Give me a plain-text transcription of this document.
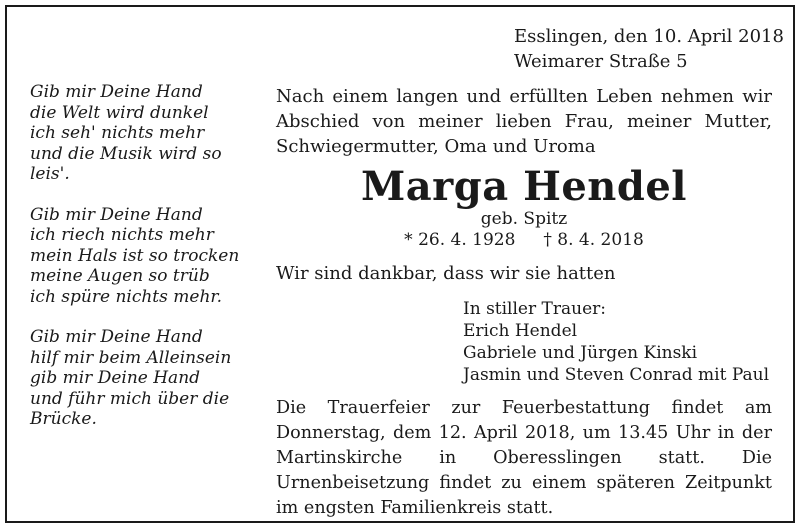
Esslingen, den 10. April 2018
Weimarer Straße 5
Gib mir Deine Hand
die Welt wird dunkel
ich seh' nichts mehr
und die Musik wird so
leis'.
Gib mir Deine Hand
ich riech nichts mehr
mein Hals ist so trocken
meine Augen so trüb
ich spüre nichts mehr.
Gib mir Deine Hand
hilf mir beim Alleinsein
gib mir Deine Hand
und führ mich über die
Brücke.

Nach einem langen und erfüllten Leben nehmen wir Abschied von meiner lieben Frau, meiner Mutter, Schwiegermutter, Oma und Uroma

Marga Hendel
geb. Spitz
* 26. 4. 1928 † 8. 4. 2018
Wir sind dankbar, dass wir sie hatten
In stiller Trauer:
Erich Hendel
Gabriele und Jürgen Kinski
Jasmin und Steven Conrad mit Paul
Die Trauerfeier zur Feuerbestattung findet am Donnerstag, dem 12. April 2018, um 13.45 Uhr in der Martinskirche in Oberesslingen statt. Die Urnenbeisetzung findet zu einem späteren Zeitpunkt im engsten Familienkreis statt.
